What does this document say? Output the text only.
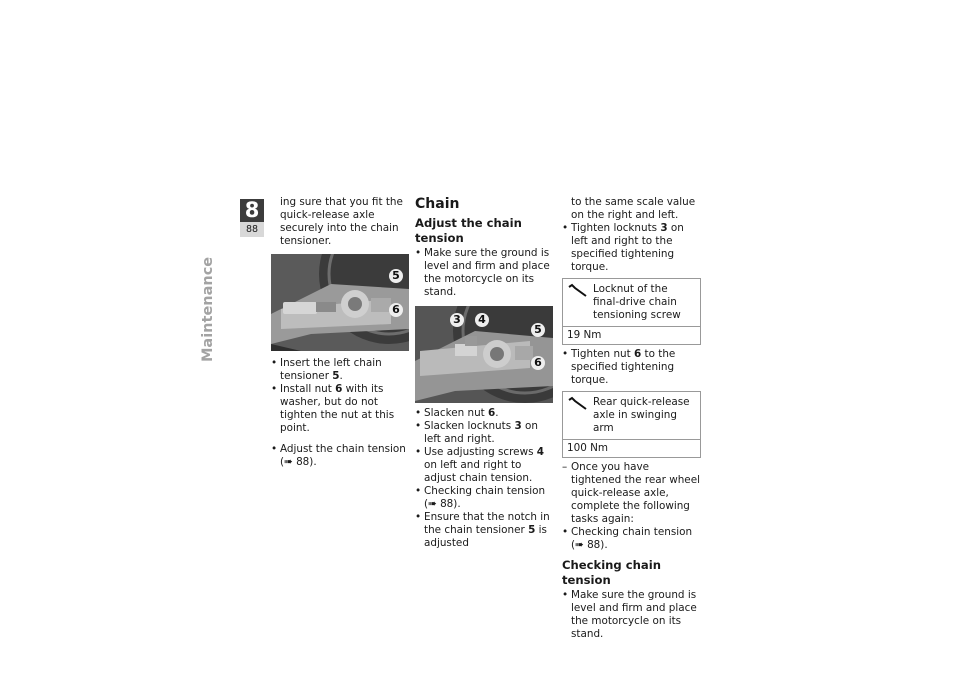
8
88
Maintenance

ing sure that you fit the quick-release axle securely into the chain tensioner.

5
6
• Insert the left chain tensioner 5.
• Install nut 6 with its washer, but do not tighten the nut at this point.
• Adjust the chain tension (➠ 88).
Chain
Adjust the chain tension
• Make sure the ground is level and firm and place the motorcycle on its stand.
3 4
5
6
• Slacken nut 6.
• Slacken locknuts 3 on left and right.
• Use adjusting screws 4 on left and right to adjust chain tension.
• Checking chain tension (➠ 88).
• Ensure that the notch in the chain tensioner 5 is adjusted

to the same scale value on the right and left.

• Tighten locknuts 3 on left and right to the specified tightening torque.
Locknut of the final-drive chain tensioning screw
19 Nm
• Tighten nut 6 to the specified tightening torque.
Rear quick-release axle in swinging arm
100 Nm
– Once you have tightened the rear wheel quick-release axle, complete the following tasks again:
• Checking chain tension (➠ 88).
Checking chain tension
• Make sure the ground is level and firm and place the motorcycle on its stand.
